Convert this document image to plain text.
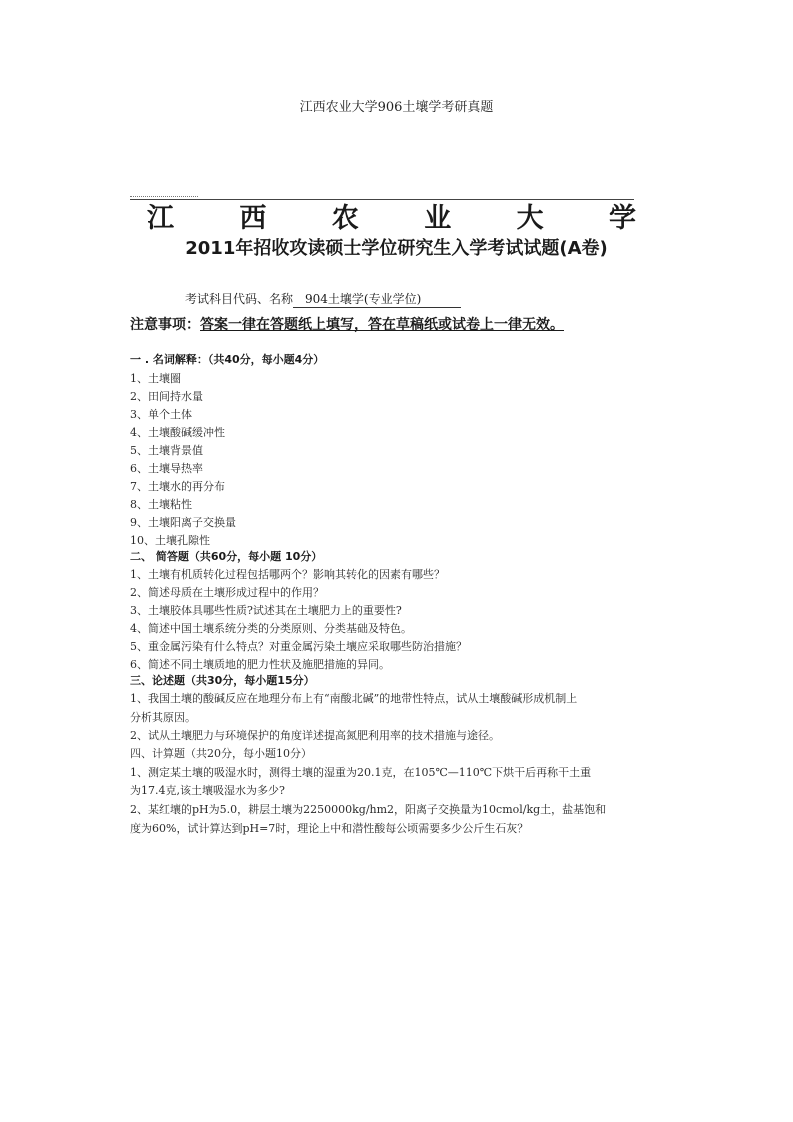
江西农业大学906土壤学考研真题
江 西 农 业 大 学
2011年招收攻读硕士学位研究生入学考试试题(A卷)
考试科目代码、名称 904土壤学(专业学位)
注意事项：答案一律在答题纸上填写，答在草稿纸或试卷上一律无效。
一 . 名词解释：（共40分，每小题4分）
1、土壤圈
2、田间持水量
3、单个土体
4、土壤酸碱缓冲性
5、土壤背景值
6、土壤导热率
7、土壤水的再分布
8、土壤粘性
9、土壤阳离子交换量
10、土壤孔隙性
二、 简答题（共60分，每小题 10分）
1、土壤有机质转化过程包括哪两个？影响其转化的因素有哪些？
2、简述母质在土壤形成过程中的作用？
3、土壤胶体具哪些性质?试述其在土壤肥力上的重要性?
4、简述中国土壤系统分类的分类原则、分类基础及特色。
5、重金属污染有什么特点？对重金属污染土壤应采取哪些防治措施？
6、简述不同土壤质地的肥力性状及施肥措施的异同。
三、论述题（共30分，每小题15分）
1、我国土壤的酸碱反应在地理分布上有“南酸北碱”的地带性特点，试从土壤酸碱形成机制上
分析其原因。
2、试从土壤肥力与环境保护的角度详述提高氮肥利用率的技术措施与途径。
四、计算题（共20分，每小题10分）
1、测定某土壤的吸湿水时，测得土壤的湿重为20.1克，在105℃—110℃下烘干后再称干土重
为17.4克,该土壤吸湿水为多少?
2、某红壤的pH为5.0，耕层土壤为2250000kg/hm2，阳离子交换量为10cmol/kg土，盐基饱和
度为60%，试计算达到pH=7时，理论上中和潜性酸每公顷需要多少公斤生石灰？
